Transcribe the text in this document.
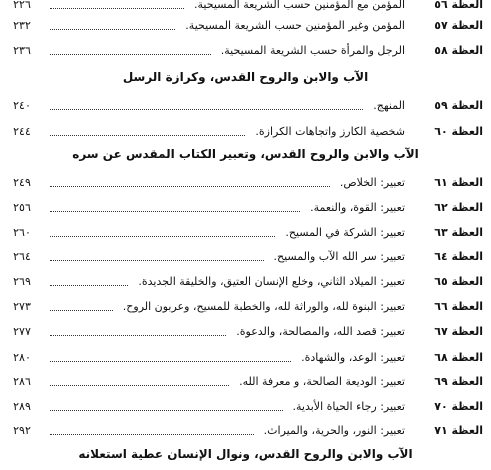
العظة ٥٦
المؤمن مع المؤمنين حسب الشريعة المسيحية.
٢٢٦
العظة ٥٧
المؤمن وغير المؤمنين حسب الشريعة المسيحية.
٢٣٢
العظة ٥٨
الرجل والمرأة حسب الشريعة المسيحية.
٢٣٦
الآب والابن والروح القدس، وكرازة الرسل
العظة ٥٩
المنهج.
٢٤٠
العظة ٦٠
شخصية الكارز واتجاهات الكرازة.
٢٤٤
الآب والابن والروح القدس، وتعبير الكتاب المقدس عن سره
العظة ٦١
تعبير: الخلاص.
٢٤٩
العظة ٦٢
تعبير: القوة، والنعمة.
٢٥٦
العظة ٦٣
تعبير: الشركة في المسيح.
٢٦٠
العظة ٦٤
تعبير: سر الله الآب والمسيح.
٢٦٤
العظة ٦٥
تعبير: الميلاد الثاني، وخلع الإنسان العتيق، والخليقة الجديدة.
٢٦٩
العظة ٦٦
تعبير: البنوة لله، والوراثة لله، والخطبة للمسيح، وعربون الروح.
٢٧٣
العظة ٦٧
تعبير: قصد الله، والمصالحة، والدعوة.
٢٧٧
العظة ٦٨
تعبير: الوعد، والشهادة.
٢٨٠
العظة ٦٩
تعبير: الوديعة الصالحة، و معرفة الله.
٢٨٦
العظة ٧٠
تعبير: رجاء الحياة الأبدية.
٢٨٩
العظة ٧١
تعبير: النور، والحرية، والميراث.
٢٩٢
الآب والابن والروح القدس، ونوال الإنسان عطية استعلانه
